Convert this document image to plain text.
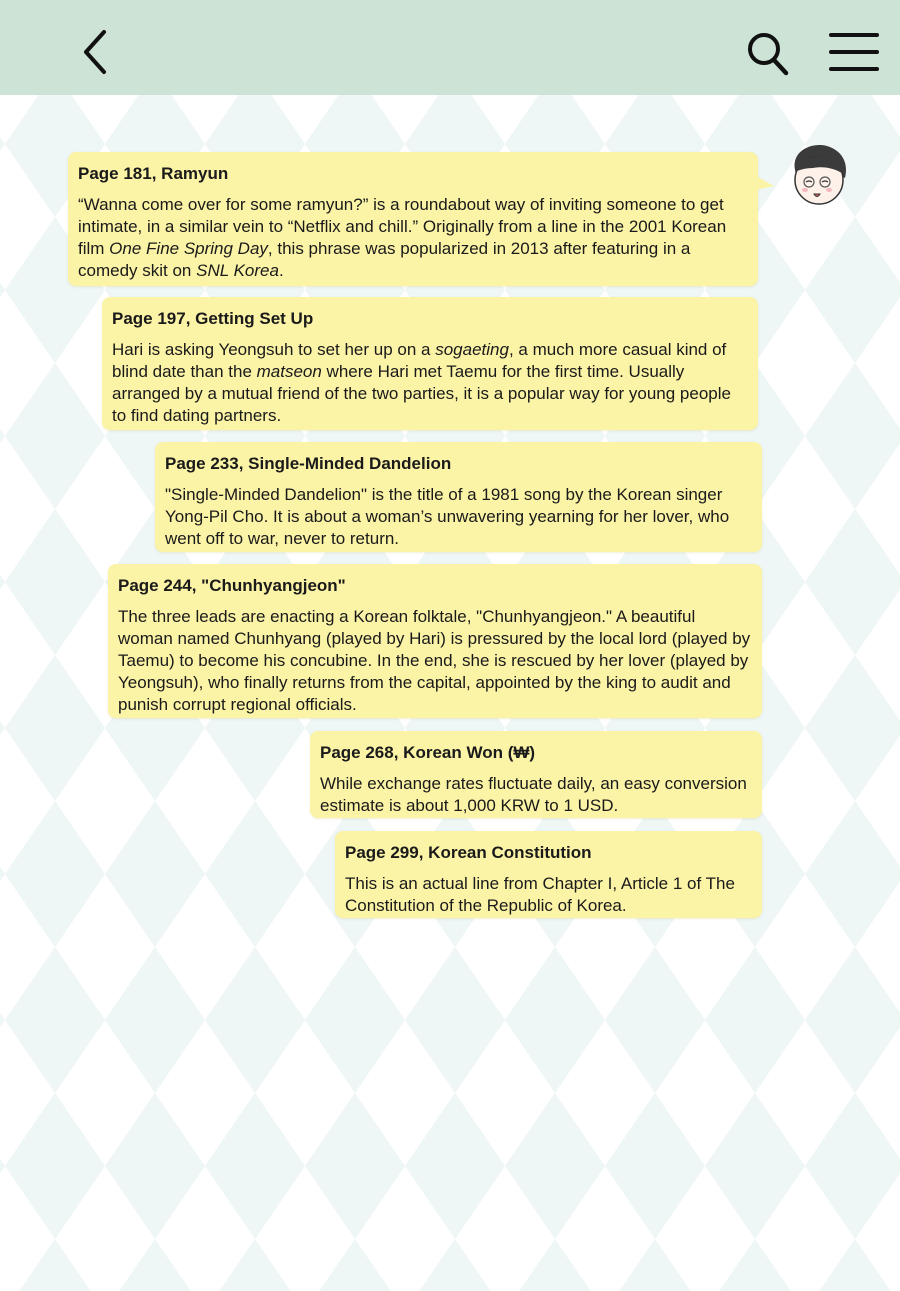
Page 181, Ramyun

“Wanna come over for some ramyun?” is a roundabout way of inviting someone to get intimate, in a similar vein to “Netflix and chill.” Originally from a line in the 2001 Korean film One Fine Spring Day, this phrase was popularized in 2013 after featuring in a comedy skit on SNL Korea.

Page 197, Getting Set Up

Hari is asking Yeongsuh to set her up on a sogaeting, a much more casual kind of blind date than the matseon where Hari met Taemu for the first time. Usually arranged by a mutual friend of the two parties, it is a popular way for young people to find dating partners.

Page 233, Single-Minded Dandelion

"Single-Minded Dandelion" is the title of a 1981 song by the Korean singer Yong-Pil Cho. It is about a woman’s unwavering yearning for her lover, who went off to war, never to return.

Page 244, "Chunhyangjeon"

The three leads are enacting a Korean folktale, "Chunhyangjeon." A beautiful woman named Chunhyang (played by Hari) is pressured by the local lord (played by Taemu) to become his concubine. In the end, she is rescued by her lover (played by Yeongsuh), who finally returns from the capital, appointed by the king to audit and punish corrupt regional officials.

Page 268, Korean Won (₩)

While exchange rates fluctuate daily, an easy conversion estimate is about 1,000 KRW to 1 USD.

Page 299, Korean Constitution

This is an actual line from Chapter I, Article 1 of The Constitution of the Republic of Korea.
